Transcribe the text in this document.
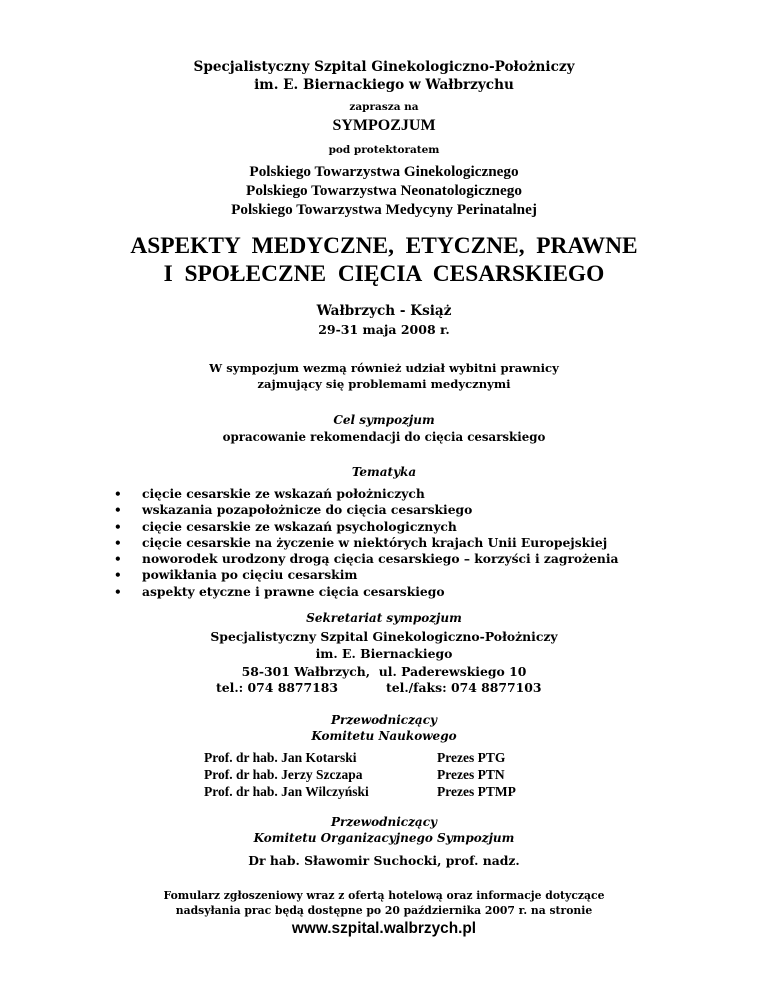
Specjalistyczny Szpital Ginekologiczno-Położniczy
im. E. Biernackiego w Wałbrzychu
zaprasza na
SYMPOZJUM
pod protektoratem
Polskiego Towarzystwa Ginekologicznego
Polskiego Towarzystwa Neonatologicznego
Polskiego Towarzystwa Medycyny Perinatalnej
ASPEKTY  MEDYCZNE,  ETYCZNE,  PRAWNE
I  SPOŁECZNE  CIĘCIA  CESARSKIEGO
Wałbrzych - Książ
29-31 maja 2008 r.
W sympozjum wezmą również udział wybitni prawnicy
zajmujący się problemami medycznymi
Cel sympozjum
opracowanie rekomendacji do cięcia cesarskiego
Tematyka
• cięcie cesarskie ze wskazań położniczych
• wskazania pozapołożnicze do cięcia cesarskiego
• cięcie cesarskie ze wskazań psychologicznych
• cięcie cesarskie na życzenie w niektórych krajach Unii Europejskiej
• noworodek urodzony drogą cięcia cesarskiego – korzyści i zagrożenia
• powikłania po cięciu cesarskim
• aspekty etyczne i prawne cięcia cesarskiego
Sekretariat sympozjum
Specjalistyczny Szpital Ginekologiczno-Położniczy
im. E. Biernackiego
58-301 Wałbrzych,  ul. Paderewskiego 10
tel.: 074 8877183	tel./faks: 074 8877103
Przewodniczący
Komitetu Naukowego
Prof. dr hab. Jan Kotarski	Prezes PTG
Prof. dr hab. Jerzy Szczapa	Prezes PTN
Prof. dr hab. Jan Wilczyński	Prezes PTMP
Przewodniczący
Komitetu Organizacyjnego Sympozjum
Dr hab. Sławomir Suchocki, prof. nadz.
Fomularz zgłoszeniowy wraz z ofertą hotelową oraz informacje dotyczące
nadsyłania prac będą dostępne po 20 października 2007 r. na stronie
www.szpital.walbrzych.pl
